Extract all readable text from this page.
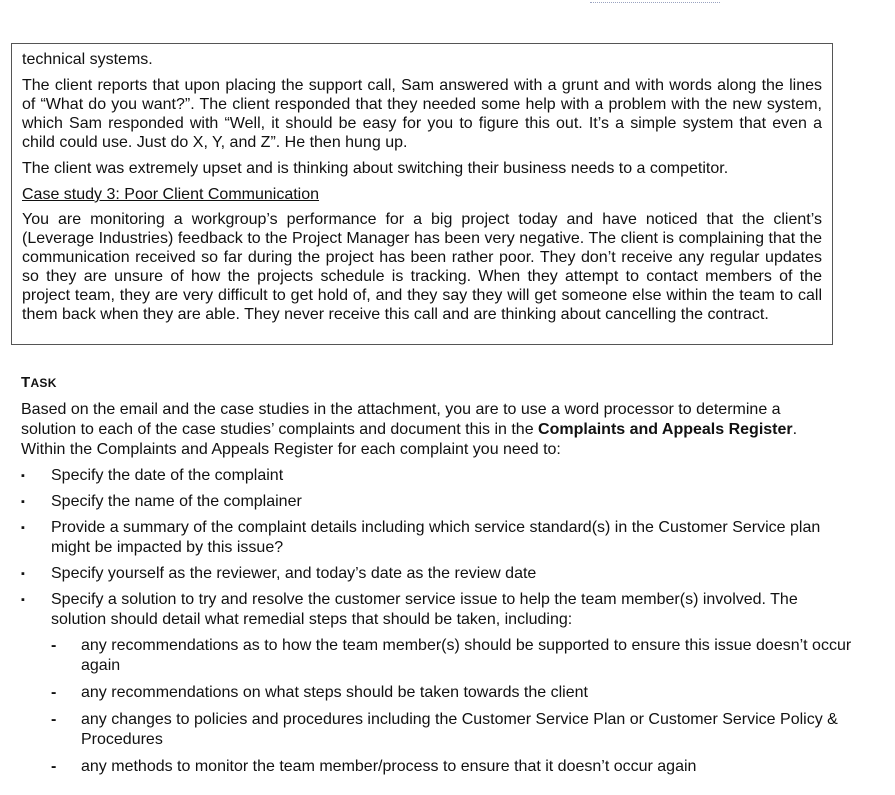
technical systems.

The client reports that upon placing the support call, Sam answered with a grunt and with words along the lines of “What do you want?”. The client responded that they needed some help with a problem with the new system, which Sam responded with “Well, it should be easy for you to figure this out. It’s a simple system that even a child could use. Just do X, Y, and Z”. He then hung up.

The client was extremely upset and is thinking about switching their business needs to a competitor.

Case study 3: Poor Client Communication

You are monitoring a workgroup’s performance for a big project today and have noticed that the client’s (Leverage Industries) feedback to the Project Manager has been very negative. The client is complaining that the communication received so far during the project has been rather poor. They don’t receive any regular updates so they are unsure of how the projects schedule is tracking. When they attempt to contact members of the project team, they are very difficult to get hold of, and they say they will get someone else within the team to call them back when they are able. They never receive this call and are thinking about cancelling the contract.

TASK

Based on the email and the case studies in the attachment, you are to use a word processor to determine a solution to each of the case studies’ complaints and document this in the Complaints and Appeals Register.
Within the Complaints and Appeals Register for each complaint you need to:

▪	Specify the date of the complaint
▪	Specify the name of the complainer
▪	Provide a summary of the complaint details including which service standard(s) in the Customer Service plan might be impacted by this issue?
▪	Specify yourself as the reviewer, and today’s date as the review date
▪	Specify a solution to try and resolve the customer service issue to help the team member(s) involved. The solution should detail what remedial steps that should be taken, including:
-	any recommendations as to how the team member(s) should be supported to ensure this issue doesn’t occur again
-	any recommendations on what steps should be taken towards the client
-	any changes to policies and procedures including the Customer Service Plan or Customer Service Policy & Procedures
-	any methods to monitor the team member/process to ensure that it doesn’t occur again
